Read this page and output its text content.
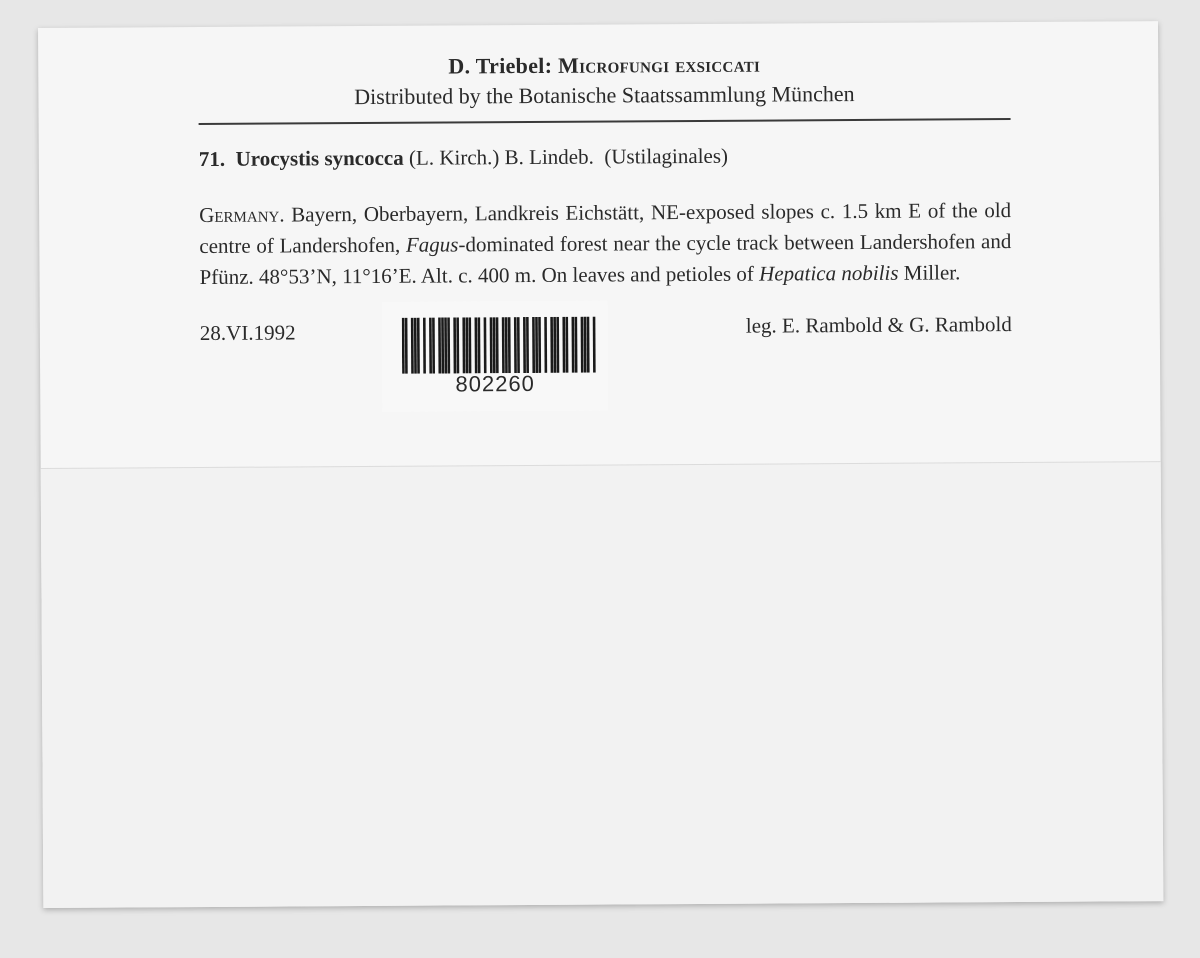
D. Triebel: Microfungi exsiccati
Distributed by the Botanische Staatssammlung München
71. Urocystis syncocca (L. Kirch.) B. Lindeb. (Ustilaginales)
Germany. Bayern, Oberbayern, Landkreis Eichstätt, NE-exposed slopes c. 1.5 km E of the old centre of Landershofen, Fagus-dominated forest near the cycle track between Landershofen and Pfünz. 48°53’N, 11°16’E. Alt. c. 400 m. On leaves and petioles of Hepatica nobilis Miller.
28.VI.1992
802260
leg. E. Rambold & G. Rambold
